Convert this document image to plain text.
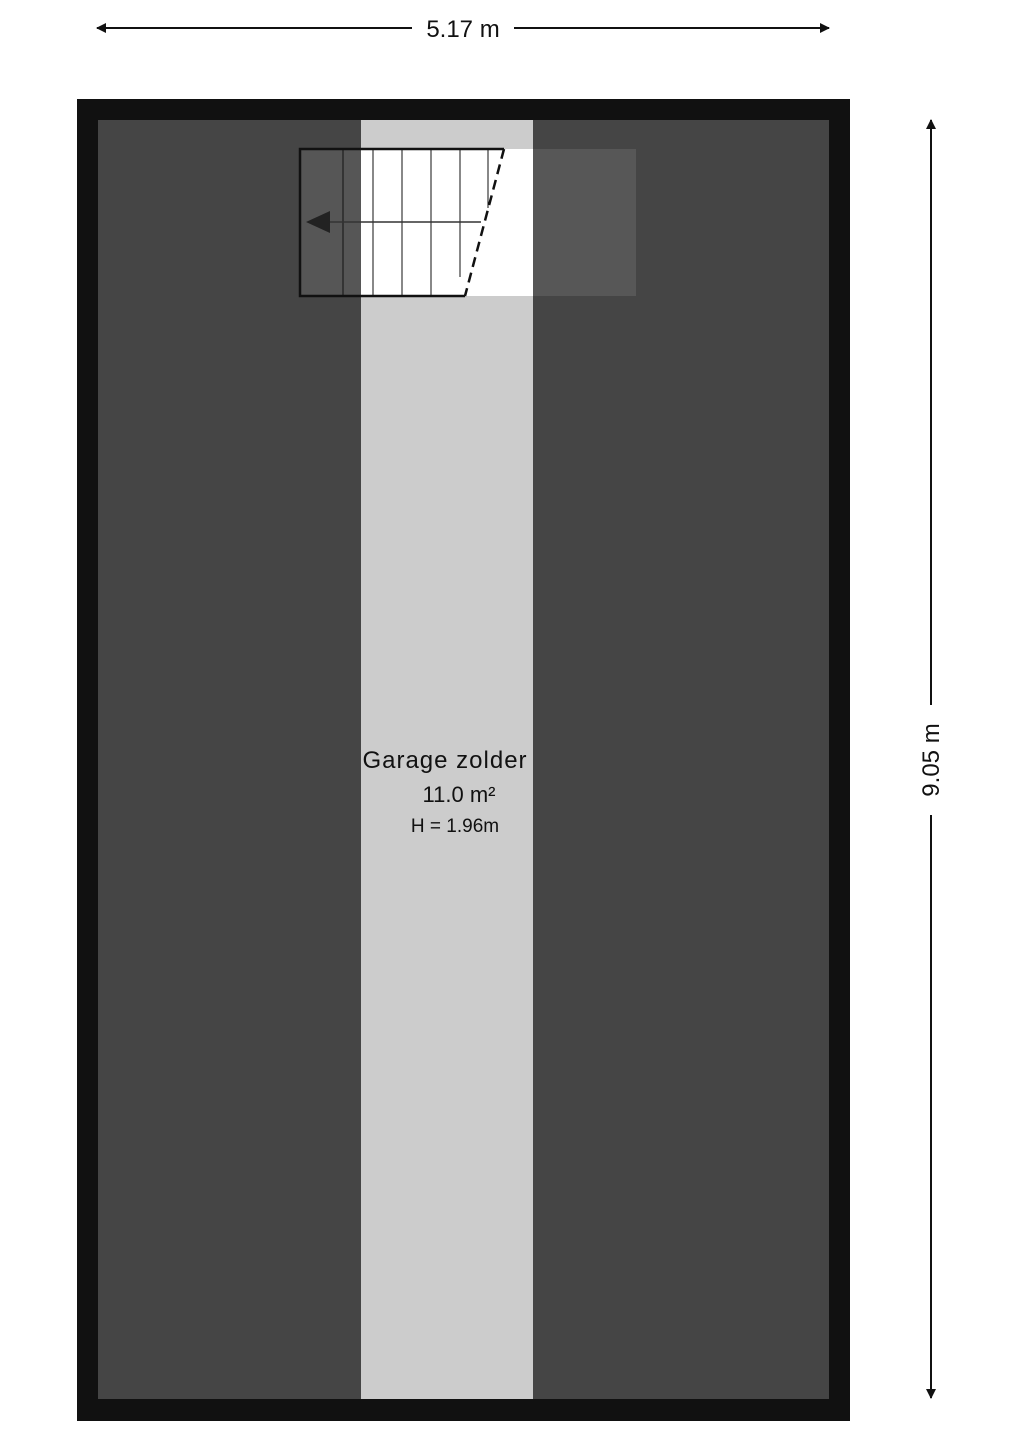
5.17 m
9.05 m
Garage zolder
11.0 m²
H = 1.96m
